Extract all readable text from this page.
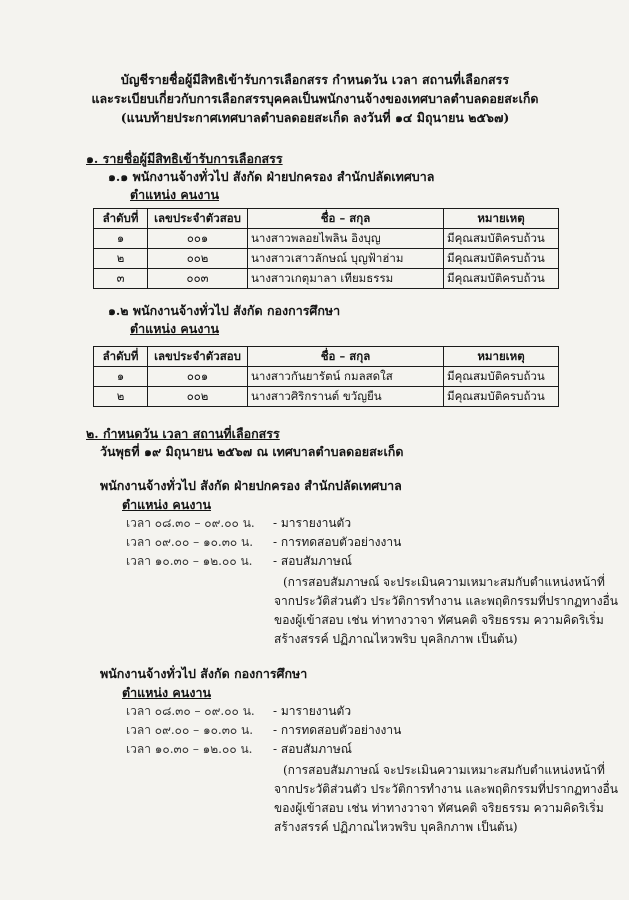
บัญชีรายชื่อผู้มีสิทธิเข้ารับการเลือกสรร กำหนดวัน เวลา สถานที่เลือกสรร
และระเบียบเกี่ยวกับการเลือกสรรบุคคลเป็นพนักงานจ้างของเทศบาลตำบลดอยสะเก็ด
(แนบท้ายประกาศเทศบาลตำบลดอยสะเก็ด ลงวันที่ ๑๔ มิถุนายน ๒๕๖๗)
๑. รายชื่อผู้มีสิทธิเข้ารับการเลือกสรร
๑.๑ พนักงานจ้างทั่วไป สังกัด ฝ่ายปกครอง สำนักปลัดเทศบาล
ตำแหน่ง คนงาน
ลำดับที่	เลขประจำตัวสอบ	ชื่อ – สกุล	หมายเหตุ
๑	๐๐๑	นางสาวพลอยไพลิน อิงบุญ	มีคุณสมบัติครบถ้วน
๒	๐๐๒	นางสาวเสาวลักษณ์ บุญฟ้าฮ่าม	มีคุณสมบัติครบถ้วน
๓	๐๐๓	นางสาวเกตุมาลา เทียมธรรม	มีคุณสมบัติครบถ้วน
๑.๒ พนักงานจ้างทั่วไป สังกัด กองการศึกษา
ตำแหน่ง คนงาน
ลำดับที่	เลขประจำตัวสอบ	ชื่อ – สกุล	หมายเหตุ
๑	๐๐๑	นางสาวกันยารัตน์ กมลสดใส	มีคุณสมบัติครบถ้วน
๒	๐๐๒	นางสาวศิริกรานต์ ขวัญยืน	มีคุณสมบัติครบถ้วน
๒. กำหนดวัน เวลา สถานที่เลือกสรร
วันพุธที่ ๑๙ มิถุนายน ๒๕๖๗ ณ เทศบาลตำบลดอยสะเก็ด
พนักงานจ้างทั่วไป สังกัด ฝ่ายปกครอง สำนักปลัดเทศบาล
ตำแหน่ง คนงาน
เวลา ๐๘.๓๐ – ๐๙.๐๐ น. - มารายงานตัว
เวลา ๐๙.๐๐ – ๑๐.๓๐ น. - การทดสอบตัวอย่างงาน
เวลา ๑๐.๓๐ – ๑๒.๐๐ น. - สอบสัมภาษณ์
(การสอบสัมภาษณ์ จะประเมินความเหมาะสมกับตำแหน่งหน้าที่
จากประวัติส่วนตัว ประวัติการทำงาน และพฤติกรรมที่ปรากฏทางอื่น
ของผู้เข้าสอบ เช่น ท่าทางวาจา ทัศนคติ จริยธรรม ความคิดริเริ่ม
สร้างสรรค์ ปฏิภาณไหวพริบ บุคลิกภาพ เป็นต้น)
พนักงานจ้างทั่วไป สังกัด กองการศึกษา
ตำแหน่ง คนงาน
เวลา ๐๘.๓๐ – ๐๙.๐๐ น. - มารายงานตัว
เวลา ๐๙.๐๐ – ๑๐.๓๐ น. - การทดสอบตัวอย่างงาน
เวลา ๑๐.๓๐ – ๑๒.๐๐ น. - สอบสัมภาษณ์
(การสอบสัมภาษณ์ จะประเมินความเหมาะสมกับตำแหน่งหน้าที่
จากประวัติส่วนตัว ประวัติการทำงาน และพฤติกรรมที่ปรากฏทางอื่น
ของผู้เข้าสอบ เช่น ท่าทางวาจา ทัศนคติ จริยธรรม ความคิดริเริ่ม
สร้างสรรค์ ปฏิภาณไหวพริบ บุคลิกภาพ เป็นต้น)
